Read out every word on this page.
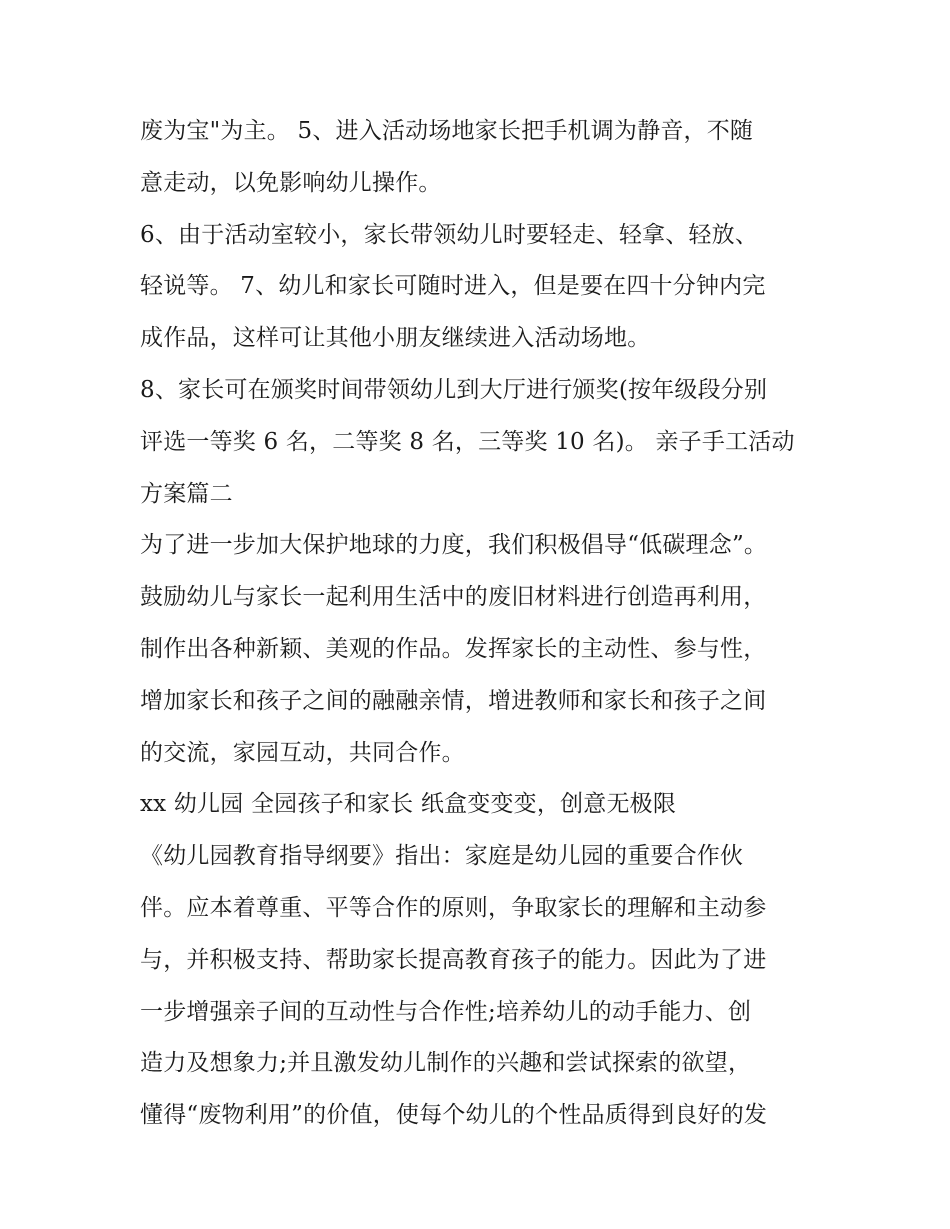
废为宝"为主。 5、进入活动场地家长把手机调为静音，不随
意走动，以免影响幼儿操作。
6、由于活动室较小，家长带领幼儿时要轻走、轻拿、轻放、
轻说等。 7、幼儿和家长可随时进入，但是要在四十分钟内完
成作品，这样可让其他小朋友继续进入活动场地。
8、家长可在颁奖时间带领幼儿到大厅进行颁奖(按年级段分别
评选一等奖 6 名，二等奖 8 名，三等奖 10 名)。 亲子手工活动
方案篇二
为了进一步加大保护地球的力度，我们积极倡导“低碳理念”。
鼓励幼儿与家长一起利用生活中的废旧材料进行创造再利用，
制作出各种新颖、美观的作品。发挥家长的主动性、参与性，
增加家长和孩子之间的融融亲情，增进教师和家长和孩子之间
的交流，家园互动，共同合作。
xx 幼儿园 全园孩子和家长 纸盒变变变，创意无极限
《幼儿园教育指导纲要》指出：家庭是幼儿园的重要合作伙
伴。应本着尊重、平等合作的原则，争取家长的理解和主动参
与，并积极支持、帮助家长提高教育孩子的能力。因此为了进
一步增强亲子间的互动性与合作性;培养幼儿的动手能力、创
造力及想象力;并且激发幼儿制作的兴趣和尝试探索的欲望，
懂得“废物利用”的价值，使每个幼儿的个性品质得到良好的发
